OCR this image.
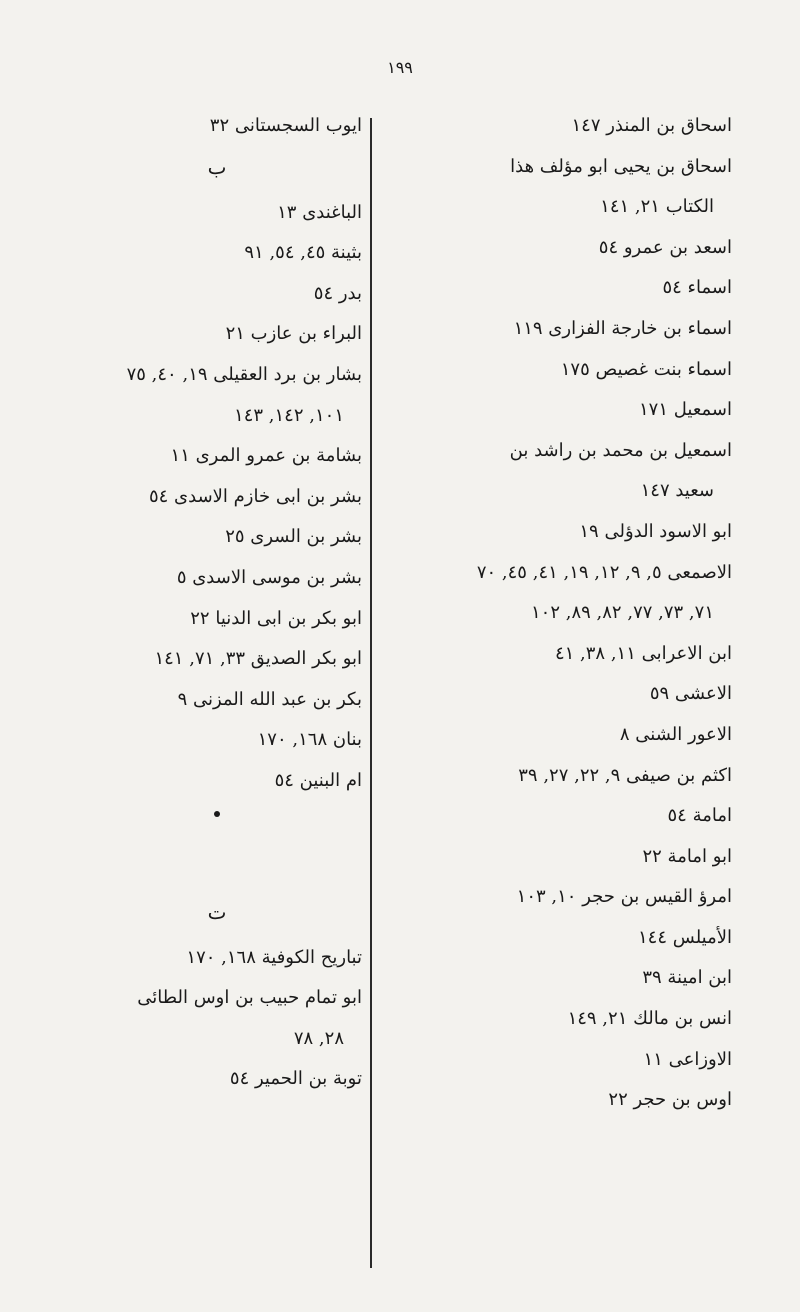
١٩٩
اسحاق بن المنذر ١٤٧
اسحاق بن يحيى ابو مؤلف هذا
الكتاب ٢١, ١٤١
اسعد بن عمرو ٥٤
اسماء ٥٤
اسماء بن خارجة الفزارى ١١٩
اسماء بنت غصيص ١٧٥
اسمعيل ١٧١
اسمعيل بن محمد بن راشد بن
سعيد ١٤٧
ابو الاسود الدؤلى ١٩
الاصمعى ٥, ٩, ١٢, ١٩, ٤١, ٤٥, ٧٠
٧١, ٧٣, ٧٧, ٨٢, ٨٩, ١٠٢
ابن الاعرابى ١١, ٣٨, ٤١
الاعشى ٥٩
الاعور الشنى ٨
اكثم بن صيفى ٩, ٢٢, ٢٧, ٣٩
امامة ٥٤
ابو امامة ٢٢
امرؤ القيس بن حجر ١٠, ١٠٣
الأميلس ١٤٤
ابن امينة ٣٩
انس بن مالك ٢١, ١٤٩
الاوزاعى ١١
اوس بن حجر ٢٢
ايوب السجستانى ٣٢
ب
الباغندى ١٣
بثينة ٤٥, ٥٤, ٩١
بدر ٥٤
البراء بن عازب ٢١
بشار بن برد العقيلى ١٩, ٤٠, ٧٥
١٠١, ١٤٢, ١٤٣
بشامة بن عمرو المرى ١١
بشر بن ابى خازم الاسدى ٥٤
بشر بن السرى ٢٥
بشر بن موسى الاسدى ٥
ابو بكر بن ابى الدنيا ٢٢
ابو بكر الصديق ٣٣, ٧١, ١٤١
بكر بن عبد الله المزنى ٩
بنان ١٦٨, ١٧٠
ام البنين ٥٤
ت
تباريح الكوفية ١٦٨, ١٧٠
ابو تمام حبيب بن اوس الطائى
٢٨, ٧٨
توبة بن الحمير ٥٤
